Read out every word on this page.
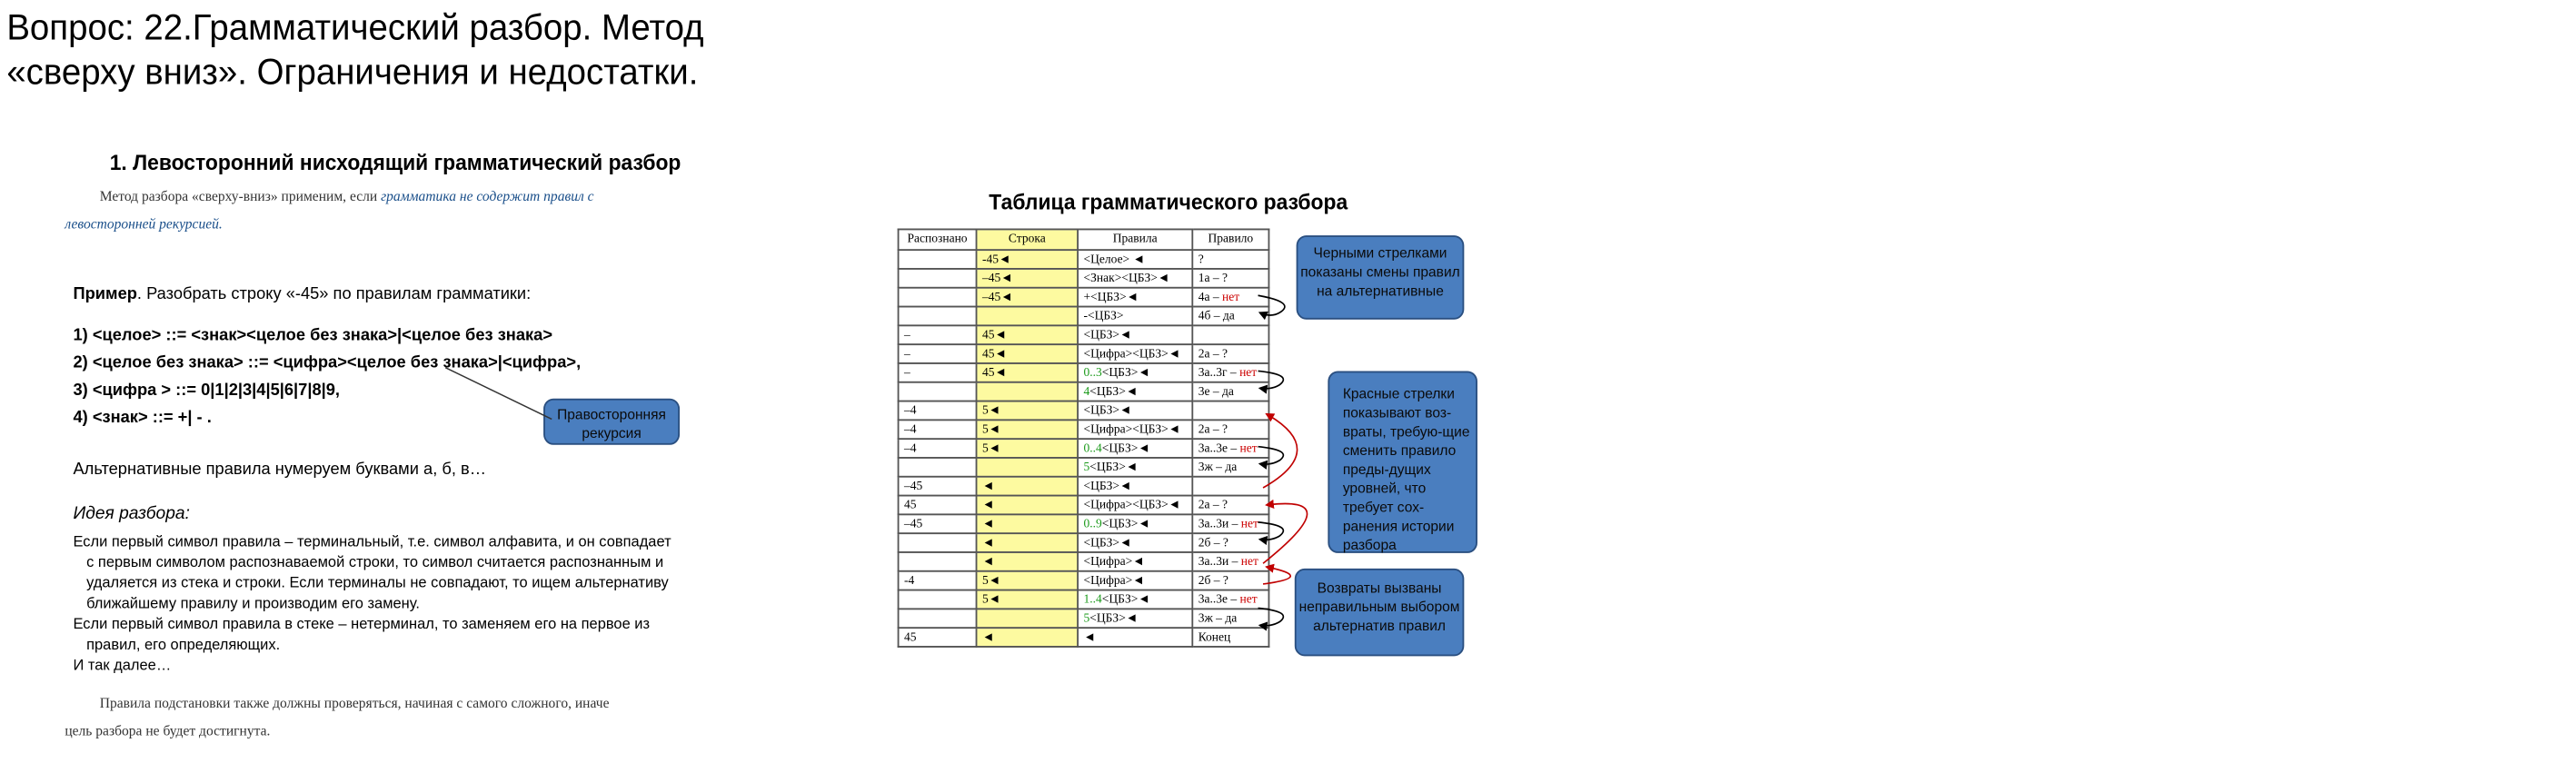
Вопрос: 22.Грамматический разбор. Метод «сверху вниз». Ограничения и недостатки.
1. Левосторонний нисходящий грамматический разбор
Метод разбора «сверху-вниз» применим, если грамматика не содержит правил с
левосторонней рекурсией.
Пример. Разобрать строку «-45» по правилам грамматики:
1) <целое> ::= <знак><целое без знака>|<целое без знака>
2) <целое без знака> ::= <цифра><целое без знака>|<цифра>,
3) <цифра > ::= 0|1|2|3|4|5|6|7|8|9,
4) <знак> ::= +| - .	Правосторонняя рекурсия
Альтернативные правила нумеруем буквами а, б, в…
Идея разбора:
Если первый символ правила – терминальный, т.е. символ алфавита, и он совпадает
с первым символом распознаваемой строки, то символ считается распознанным и
удаляется из стека и строки. Если терминалы не совпадают, то ищем альтернативу
ближайшему правилу и производим его замену.
Если первый символ правила в стеке – нетерминал, то заменяем его на первое из
правил, его определяющих.
И так далее…
Правила подстановки также должны проверяться, начиная с самого сложного, иначе
цель разбора не будет достигнута.
Таблица грамматического разбора
Распознано	Строка	Правила	Правило
	-45◄	<Целое> ◄	?
	–45◄	<Знак><ЦБЗ>◄	1а – ?
	–45◄	+<ЦБЗ>◄	4а – нет
		-<ЦБЗ>	4б – да
–	45◄	<ЦБЗ>◄	
–	45◄	<Цифра><ЦБЗ>◄	2а – ?
–	45◄	0..3<ЦБЗ>◄	3а..3г – нет
		4<ЦБЗ>◄	3е – да
–4	5◄	<ЦБЗ>◄	
–4	5◄	<Цифра><ЦБЗ>◄	2а – ?
–4	5◄	0..4<ЦБЗ>◄	3а..3е – нет
		5<ЦБЗ>◄	3ж – да
–45	◄	<ЦБЗ>◄	
45	◄	<Цифра><ЦБЗ>◄	2а – ?
–45	◄	0..9<ЦБЗ>◄	3а..3и – нет
	◄	<ЦБЗ>◄	2б – ?
	◄	<Цифра>◄	3а..3и – нет
-4	5◄	<Цифра>◄	2б – ?
	5◄	1..4<ЦБЗ>◄	3а..3е – нет
		5<ЦБЗ>◄	3ж – да
45	◄	◄	Конец
Черными стрелками показаны смены правил на альтернативные
Красные стрелки показывают воз-враты, требую-щие сменить правило преды-дущих уровней, что требует сох-ранения истории разбора
Возвраты вызваны неправильным выбором альтернатив правил
